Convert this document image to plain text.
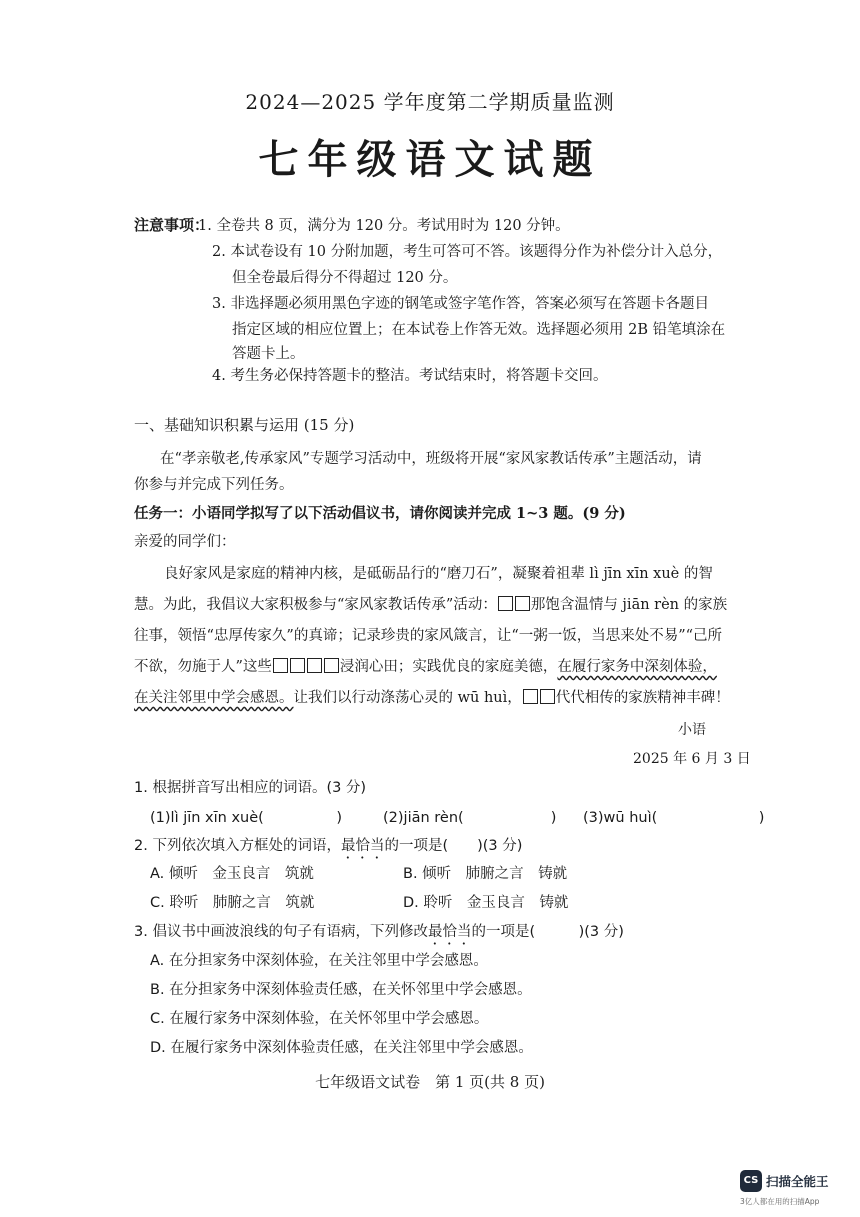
2024—2025 学年度第二学期质量监测
七年级语文试题
注意事项：
1. 全卷共 8 页，满分为 120 分。考试用时为 120 分钟。
2. 本试卷设有 10 分附加题，考生可答可不答。该题得分作为补偿分计入总分，
但全卷最后得分不得超过 120 分。
3. 非选择题必须用黑色字迹的钢笔或签字笔作答，答案必须写在答题卡各题目
指定区域的相应位置上；在本试卷上作答无效。选择题必须用 2B 铅笔填涂在
答题卡上。
4. 考生务必保持答题卡的整洁。考试结束时，将答题卡交回。
一、基础知识积累与运用 (15 分)
在“孝亲敬老,传承家风”专题学习活动中，班级将开展“家风家教话传承”主题活动，请
你参与并完成下列任务。
任务一：小语同学拟写了以下活动倡议书，请你阅读并完成 1~3 题。(9 分)
亲爱的同学们：
良好家风是家庭的精神内核，是砥砺品行的“磨刀石”，凝聚着祖辈 lì jīn xīn xuè 的智
慧。为此，我倡议大家积极参与“家风家教话传承”活动： 那饱含温情与 jiān rèn 的家族
往事，领悟“忠厚传家久”的真谛；记录珍贵的家风箴言，让“一粥一饭，当思来处不易”“己所
不欲，勿施于人”这些	浸润心田；实践优良的家庭美德，在履行家务中深刻体验，
在关注邻里中学会感恩。让我们以行动涤荡心灵的 wū huì， 代代相传的家族精神丰碑！
小语
2025 年 6 月 3 日
1. 根据拼音写出相应的词语。(3 分)
(1)lì jīn xīn xuè(　　　　　)	(2)jiān rèn(　　　　　　) (3)wū huì(　　　　　　　)
2. 下列依次填入方框处的词语，最恰当的一项是(　　)(3 分)
A. 倾听　金玉良言　筑就	B. 倾听　肺腑之言　铸就
C. 聆听　肺腑之言　筑就	D. 聆听　金玉良言　铸就
3. 倡议书中画波浪线的句子有语病，下列修改最恰当的一项是(　　　)(3 分)
A. 在分担家务中深刻体验，在关注邻里中学会感恩。
B. 在分担家务中深刻体验责任感，在关怀邻里中学会感恩。
C. 在履行家务中深刻体验，在关怀邻里中学会感恩。
D. 在履行家务中深刻体验责任感，在关注邻里中学会感恩。
七年级语文试卷　第 1 页(共 8 页)
CS 扫描全能王
3亿人都在用的扫描App
